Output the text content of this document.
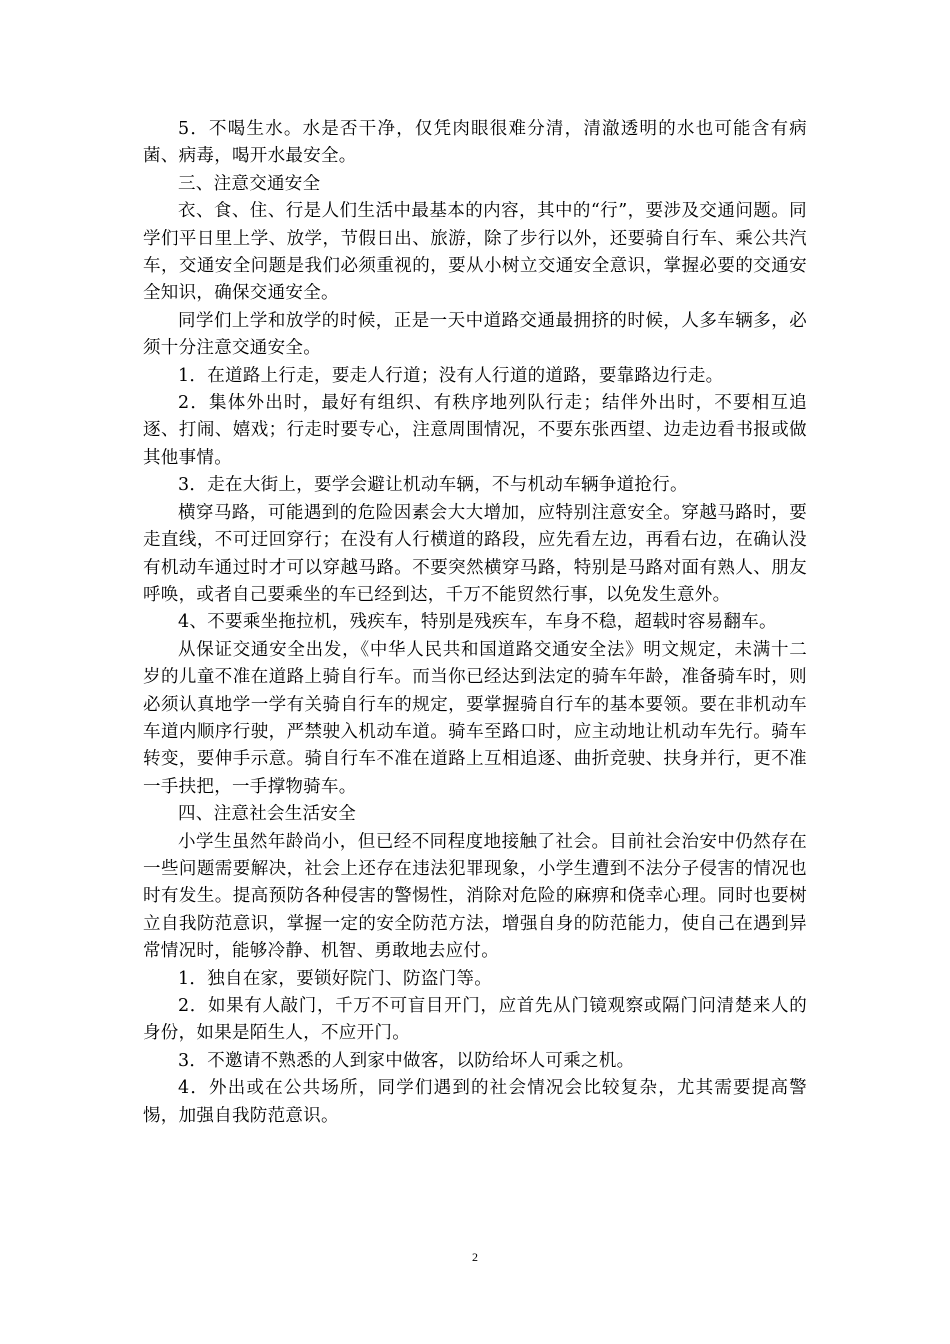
5．不喝生水。水是否干净，仅凭肉眼很难分清，清澈透明的水也可能含有病菌、病毒，喝开水最安全。

三、注意交通安全

衣、食、住、行是人们生活中最基本的内容，其中的“行”，要涉及交通问题。同学们平日里上学、放学，节假日出、旅游，除了步行以外，还要骑自行车、乘公共汽车，交通安全问题是我们必须重视的，要从小树立交通安全意识，掌握必要的交通安全知识，确保交通安全。

同学们上学和放学的时候，正是一天中道路交通最拥挤的时候，人多车辆多，必须十分注意交通安全。

1．在道路上行走，要走人行道；没有人行道的道路，要靠路边行走。

2．集体外出时，最好有组织、有秩序地列队行走；结伴外出时，不要相互追逐、打闹、嬉戏；行走时要专心，注意周围情况，不要东张西望、边走边看书报或做其他事情。

3．走在大街上，要学会避让机动车辆，不与机动车辆争道抢行。

横穿马路，可能遇到的危险因素会大大增加，应特别注意安全。穿越马路时，要走直线，不可迂回穿行；在没有人行横道的路段，应先看左边，再看右边，在确认没有机动车通过时才可以穿越马路。不要突然横穿马路，特别是马路对面有熟人、朋友呼唤，或者自己要乘坐的车已经到达，千万不能贸然行事，以免发生意外。

4、不要乘坐拖拉机，残疾车，特别是残疾车，车身不稳，超载时容易翻车。

从保证交通安全出发，《中华人民共和国道路交通安全法》明文规定，未满十二岁的儿童不准在道路上骑自行车。而当你已经达到法定的骑车年龄，准备骑车时，则必须认真地学一学有关骑自行车的规定，要掌握骑自行车的基本要领。要在非机动车车道内顺序行驶，严禁驶入机动车道。骑车至路口时，应主动地让机动车先行。骑车转变，要伸手示意。骑自行车不准在道路上互相追逐、曲折竞驶、扶身并行，更不准一手扶把，一手撑物骑车。

四、注意社会生活安全

小学生虽然年龄尚小，但已经不同程度地接触了社会。目前社会治安中仍然存在一些问题需要解决，社会上还存在违法犯罪现象，小学生遭到不法分子侵害的情况也时有发生。提高预防各种侵害的警惕性，消除对危险的麻痹和侥幸心理。同时也要树立自我防范意识，掌握一定的安全防范方法，增强自身的防范能力，使自己在遇到异常情况时，能够冷静、机智、勇敢地去应付。

1．独自在家，要锁好院门、防盗门等。

2．如果有人敲门，千万不可盲目开门，应首先从门镜观察或隔门问清楚来人的身份，如果是陌生人，不应开门。

3．不邀请不熟悉的人到家中做客，以防给坏人可乘之机。

4．外出或在公共场所，同学们遇到的社会情况会比较复杂，尤其需要提高警惕，加强自我防范意识。

2
